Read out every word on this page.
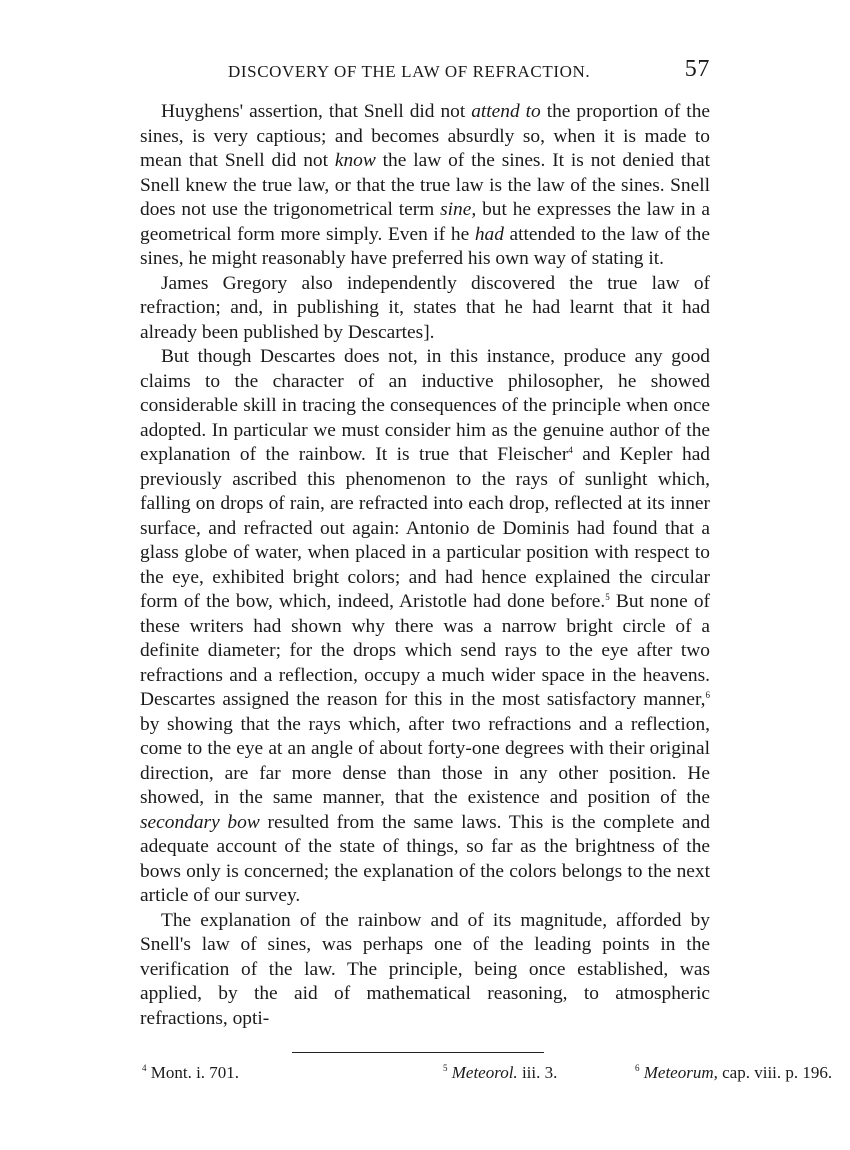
DISCOVERY OF THE LAW OF REFRACTION.	57

Huyghens' assertion, that Snell did not attend to the proportion of the sines, is very captious; and becomes absurdly so, when it is made to mean that Snell did not know the law of the sines. It is not denied that Snell knew the true law, or that the true law is the law of the sines. Snell does not use the trigonometrical term sine, but he expresses the law in a geometrical form more simply. Even if he had attended to the law of the sines, he might reasonably have preferred his own way of stating it.

James Gregory also independently discovered the true law of refraction; and, in publishing it, states that he had learnt that it had already been published by Descartes].

But though Descartes does not, in this instance, produce any good claims to the character of an inductive philosopher, he showed considerable skill in tracing the consequences of the principle when once adopted. In particular we must consider him as the genuine author of the explanation of the rainbow. It is true that Fleischer$^4$ and Kepler had previously ascribed this phenomenon to the rays of sunlight which, falling on drops of rain, are refracted into each drop, reflected at its inner surface, and refracted out again: Antonio de Dominis had found that a glass globe of water, when placed in a particular position with respect to the eye, exhibited bright colors; and had hence explained the circular form of the bow, which, indeed, Aristotle had done before.$^5$ But none of these writers had shown why there was a narrow bright circle of a definite diameter; for the drops which send rays to the eye after two refractions and a reflection, occupy a much wider space in the heavens. Descartes assigned the reason for this in the most satisfactory manner,$^6$ by showing that the rays which, after two refractions and a reflection, come to the eye at an angle of about forty-one degrees with their original direction, are far more dense than those in any other position. He showed, in the same manner, that the existence and position of the secondary bow resulted from the same laws. This is the complete and adequate account of the state of things, so far as the brightness of the bows only is concerned; the explanation of the colors belongs to the next article of our survey.

The explanation of the rainbow and of its magnitude, afforded by Snell's law of sines, was perhaps one of the leading points in the verification of the law. The principle, being once established, was applied, by the aid of mathematical reasoning, to atmospheric refractions, opti-

$^4$ Mont. i. 701.	$^5$ Meteorol. iii. 3.	$^6$ Meteorum, cap. viii. p. 196.
